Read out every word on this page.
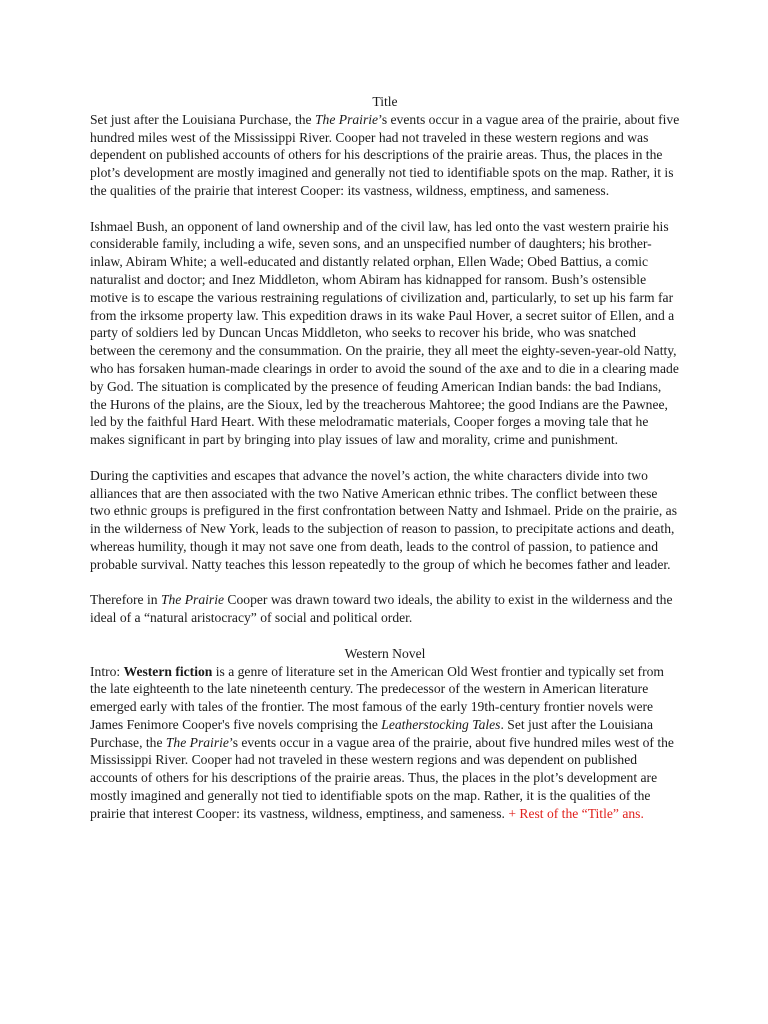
Title

Set just after the Louisiana Purchase, the The Prairie’s events occur in a vague area of the prairie, about five hundred miles west of the Mississippi River. Cooper had not traveled in these western regions and was dependent on published accounts of others for his descriptions of the prairie areas. Thus, the places in the plot’s development are mostly imagined and generally not tied to identifiable spots on the map. Rather, it is the qualities of the prairie that interest Cooper: its vastness, wildness, emptiness, and sameness.

Ishmael Bush, an opponent of land ownership and of the civil law, has led onto the vast western prairie his considerable family, including a wife, seven sons, and an unspecified number of daughters; his brother-inlaw, Abiram White; a well-educated and distantly related orphan, Ellen Wade; Obed Battius, a comic naturalist and doctor; and Inez Middleton, whom Abiram has kidnapped for ransom. Bush’s ostensible motive is to escape the various restraining regulations of civilization and, particularly, to set up his farm far from the irksome property law. This expedition draws in its wake Paul Hover, a secret suitor of Ellen, and a party of soldiers led by Duncan Uncas Middleton, who seeks to recover his bride, who was snatched between the ceremony and the consummation. On the prairie, they all meet the eighty-seven-year-old Natty, who has forsaken human-made clearings in order to avoid the sound of the axe and to die in a clearing made by God. The situation is complicated by the presence of feuding American Indian bands: the bad Indians, the Hurons of the plains, are the Sioux, led by the treacherous Mahtoree; the good Indians are the Pawnee, led by the faithful Hard Heart. With these melodramatic materials, Cooper forges a moving tale that he makes significant in part by bringing into play issues of law and morality, crime and punishment.

During the captivities and escapes that advance the novel’s action, the white characters divide into two alliances that are then associated with the two Native American ethnic tribes. The conflict between these two ethnic groups is prefigured in the first confrontation between Natty and Ishmael. Pride on the prairie, as in the wilderness of New York, leads to the subjection of reason to passion, to precipitate actions and death, whereas humility, though it may not save one from death, leads to the control of passion, to patience and probable survival. Natty teaches this lesson repeatedly to the group of which he becomes father and leader.

Therefore in The Prairie Cooper was drawn toward two ideals, the ability to exist in the wilderness and the ideal of a “natural aristocracy” of social and political order.

Western Novel

Intro: Western fiction is a genre of literature set in the American Old West frontier and typically set from the late eighteenth to the late nineteenth century. The predecessor of the western in American literature emerged early with tales of the frontier. The most famous of the early 19th-century frontier novels were James Fenimore Cooper's five novels comprising the Leatherstocking Tales. Set just after the Louisiana Purchase, the The Prairie’s events occur in a vague area of the prairie, about five hundred miles west of the Mississippi River. Cooper had not traveled in these western regions and was dependent on published accounts of others for his descriptions of the prairie areas. Thus, the places in the plot’s development are mostly imagined and generally not tied to identifiable spots on the map. Rather, it is the qualities of the prairie that interest Cooper: its vastness, wildness, emptiness, and sameness. + Rest of the “Title” ans.
